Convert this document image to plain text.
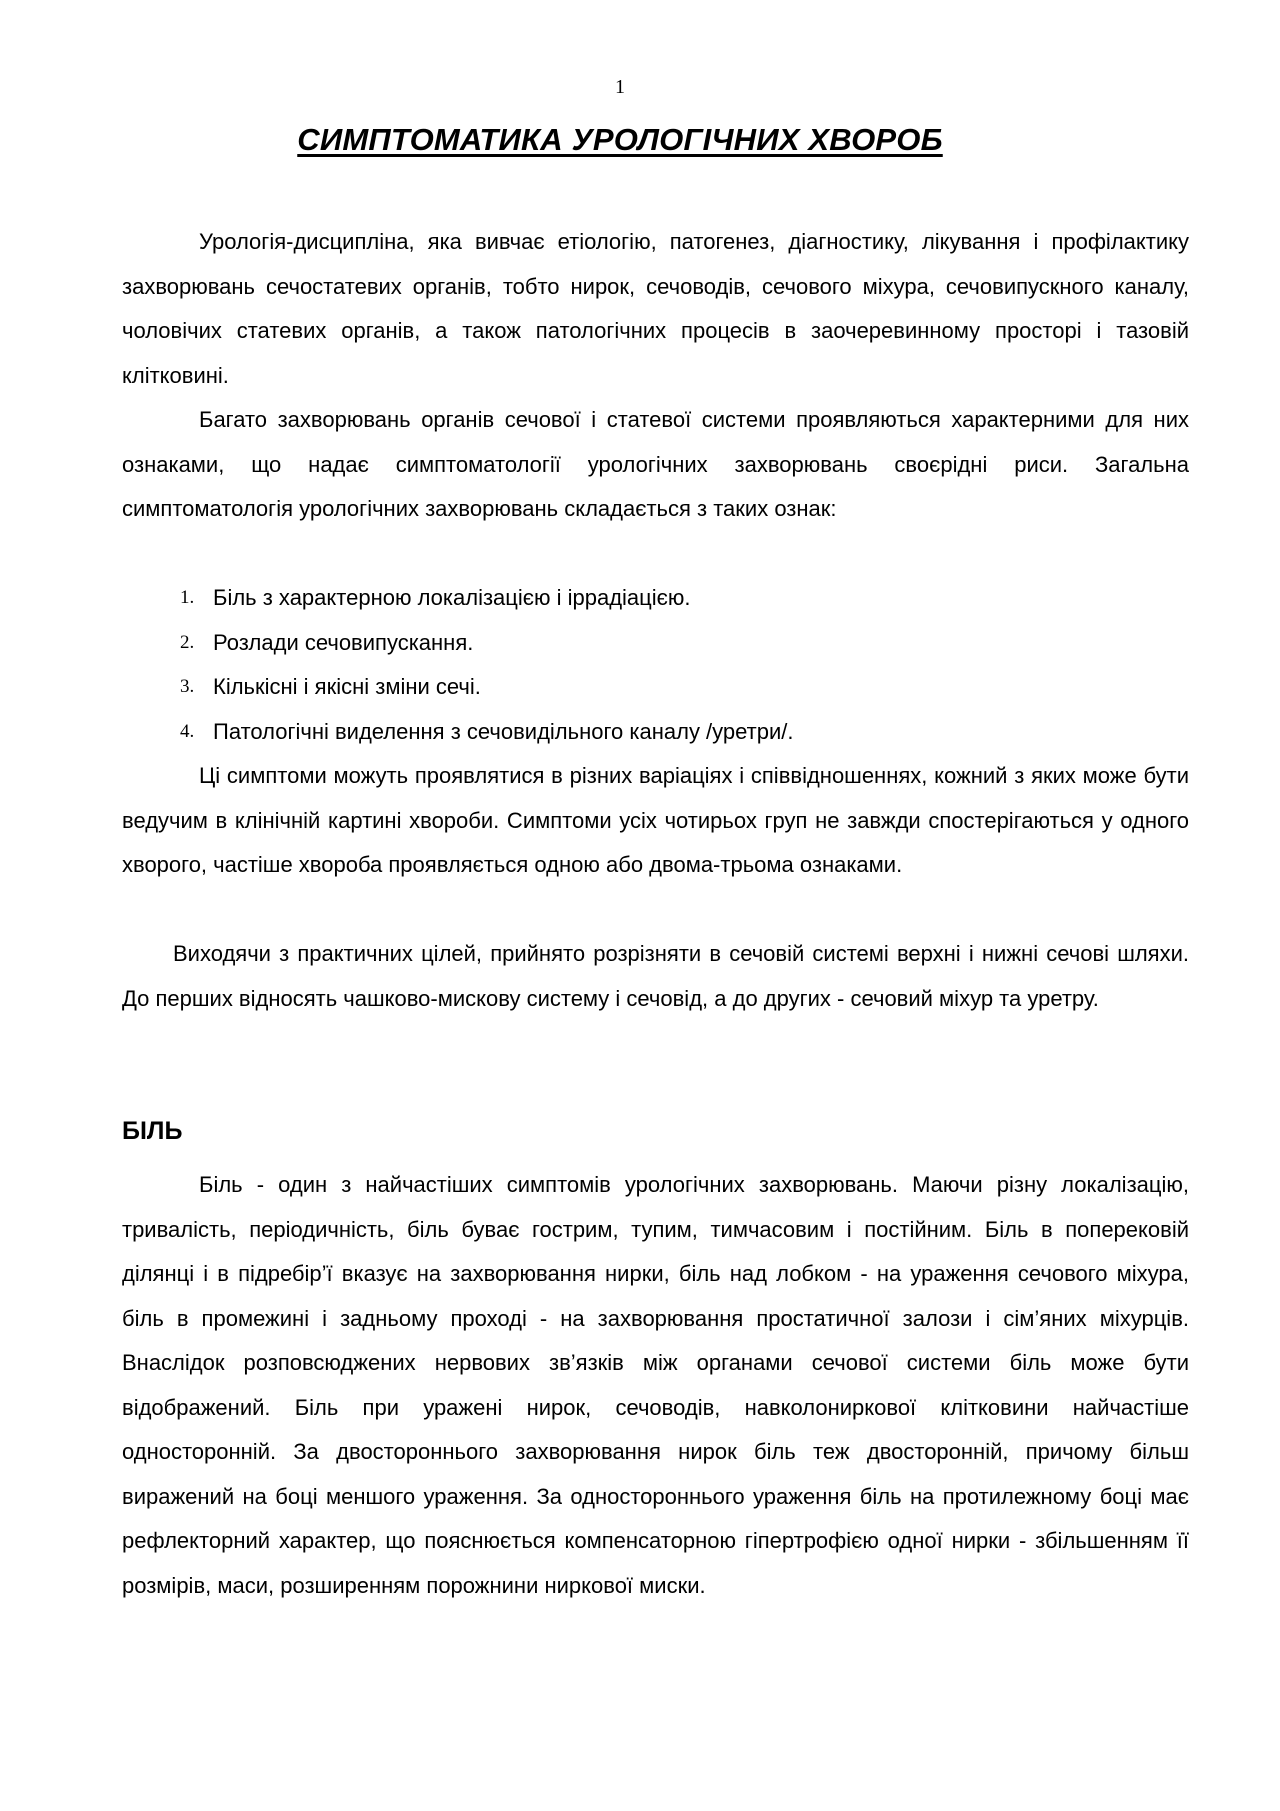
1
СИМПТОМАТИКА УРОЛОГІЧНИХ ХВОРОБ

Урологія-дисципліна, яка вивчає етіологію, патогенез, діагностику, лікування і профілактику захворювань сечостатевих органів, тобто нирок, сечоводів, сечового міхура, сечовипускного каналу, чоловічих статевих органів, а також патологічних процесів в заочеревинному просторі і тазовій клітковині.

Багато захворювань органів сечової і статевої системи проявляються характерними для них ознаками, що надає симптоматології урологічних захворювань своєрідні риси. Загальна симптоматологія урологічних захворювань складається з таких ознак:

1. Біль з характерною локалізацією і іррадіацією.
2. Розлади сечовипускання.
3. Кількісні і якісні зміни сечі.
4. Патологічні виделення з сечовидільного каналу /уретри/.

Ці симптоми можуть проявлятися в різних варіаціях і співвідношеннях, кожний з яких може бути ведучим в клінічній картині хвороби. Симптоми усіх чотирьох груп не завжди спостерігаються у одного хворого, частіше хвороба проявляється одною або двома-трьома ознаками.

Виходячи з практичних цілей, прийнято розрізняти в сечовій системі верхні і нижні сечові шляхи. До перших відносять чашково-мискову систему і сечовід, а до других - сечовий міхур та уретру.

БІЛЬ

Біль - один з найчастіших симптомів урологічних захворювань. Маючи різну локалізацію, тривалість, періодичність, біль буває гострим, тупим, тимчасовим і постійним. Біль в поперековій ділянці і в підребір’ї вказує на захворювання нирки, біль над лобком - на ураження сечового міхура, біль в промежині і задньому проході - на захворювання простатичної залози і сім’яних міхурців. Внаслідок розповсюджених нервових зв’язків між органами сечової системи біль може бути відображений. Біль при уражені нирок, сечоводів, навколониркової клітковини найчастіше односторонній. За двостороннього захворювання нирок біль теж двосторонній, причому більш виражений на боці меншого ураження. За одностороннього ураження біль на протилежному боці має рефлекторний характер, що пояснюється компенсаторною гіпертрофією одної нирки - збільшенням її розмірів, маси, розширенням порожнини ниркової миски.
